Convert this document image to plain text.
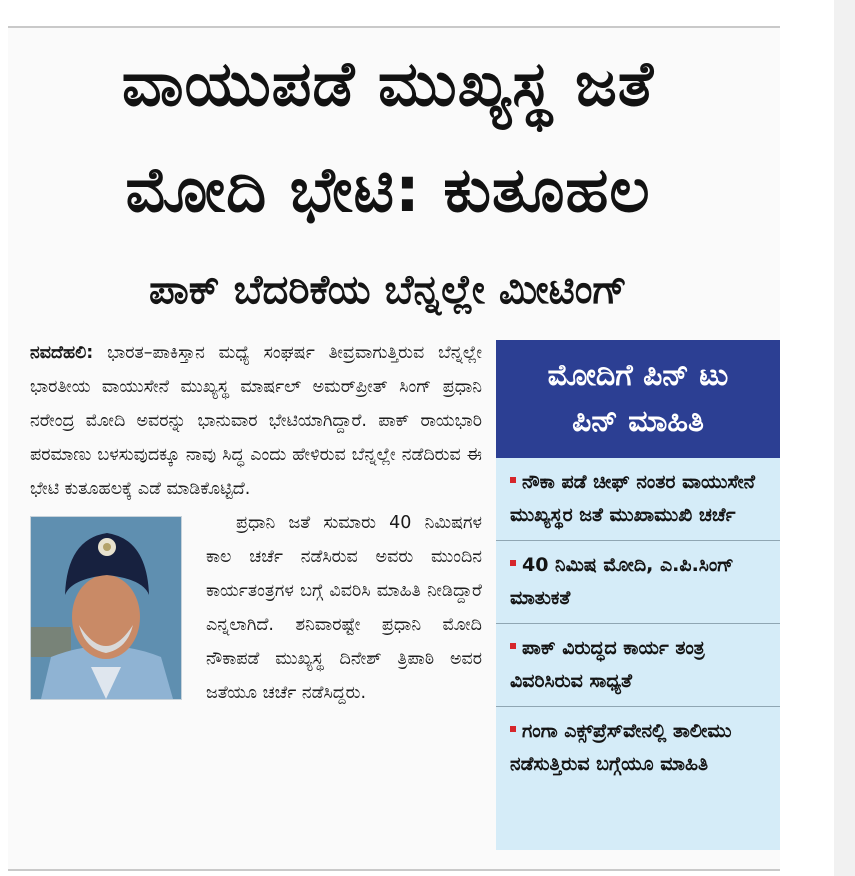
ವಾಯುಪಡೆ ಮುಖ್ಯಸ್ಥ ಜತೆ
ಮೋದಿ ಭೇಟಿ: ಕುತೂಹಲ
ಪಾಕ್ ಬೆದರಿಕೆಯ ಬೆನ್ನಲ್ಲೇ ಮೀಟಿಂಗ್

ನವದೆಹಲಿ: ಭಾರತ–ಪಾಕಿಸ್ತಾನ ಮಧ್ಯೆ ಸಂಘರ್ಷ ತೀವ್ರವಾಗುತ್ತಿರುವ ಬೆನ್ನಲ್ಲೇ ಭಾರತೀಯ ವಾಯುಸೇನೆ ಮುಖ್ಯಸ್ಥ ಮಾರ್ಷಲ್ ಅಮರ್‌ಪ್ರೀತ್ ಸಿಂಗ್ ಪ್ರಧಾನಿ ನರೇಂದ್ರ ಮೋದಿ ಅವರನ್ನು ಭಾನುವಾರ ಭೇಟಿಯಾಗಿದ್ದಾರೆ. ಪಾಕ್ ರಾಯಭಾರಿ ಪರಮಾಣು ಬಳಸುವುದಕ್ಕೂ ನಾವು ಸಿದ್ಧ ಎಂದು ಹೇಳಿರುವ ಬೆನ್ನಲ್ಲೇ ನಡೆದಿರುವ ಈ ಭೇಟಿ ಕುತೂಹಲಕ್ಕೆ ಎಡೆ ಮಾಡಿಕೊಟ್ಟಿದೆ.

ಪ್ರಧಾನಿ ಜತೆ ಸುಮಾರು 40 ನಿಮಿಷಗಳ ಕಾಲ ಚರ್ಚೆ ನಡೆಸಿರುವ ಅವರು ಮುಂದಿನ ಕಾರ್ಯತಂತ್ರಗಳ ಬಗ್ಗೆ ವಿವರಿಸಿ ಮಾಹಿತಿ ನೀಡಿದ್ದಾರೆ ಎನ್ನಲಾಗಿದೆ. ಶನಿವಾರಷ್ಟೇ ಪ್ರಧಾನಿ ಮೋದಿ ನೌಕಾಪಡೆ ಮುಖ್ಯಸ್ಥ ದಿನೇಶ್ ತ್ರಿಪಾಠಿ ಅವರ ಜತೆಯೂ ಚರ್ಚೆ ನಡೆಸಿದ್ದರು.

ಮೋದಿಗೆ ಪಿನ್ ಟು
ಪಿನ್ ಮಾಹಿತಿ
ನೌಕಾ ಪಡೆ ಚೀಫ್ ನಂತರ ವಾಯುಸೇನೆ ಮುಖ್ಯಸ್ಥರ ಜತೆ ಮುಖಾಮುಖಿ ಚರ್ಚೆ
40 ನಿಮಿಷ ಮೋದಿ, ಎ.ಪಿ.ಸಿಂಗ್ ಮಾತುಕತೆ
ಪಾಕ್ ವಿರುದ್ಧದ ಕಾರ್ಯ ತಂತ್ರ ವಿವರಿಸಿರುವ ಸಾಧ್ಯತೆ
ಗಂಗಾ ಎಕ್ಸ್‌ಪ್ರೆಸ್‌ವೇನಲ್ಲಿ ತಾಲೀಮು ನಡೆಸುತ್ತಿರುವ ಬಗ್ಗೆಯೂ ಮಾಹಿತಿ
